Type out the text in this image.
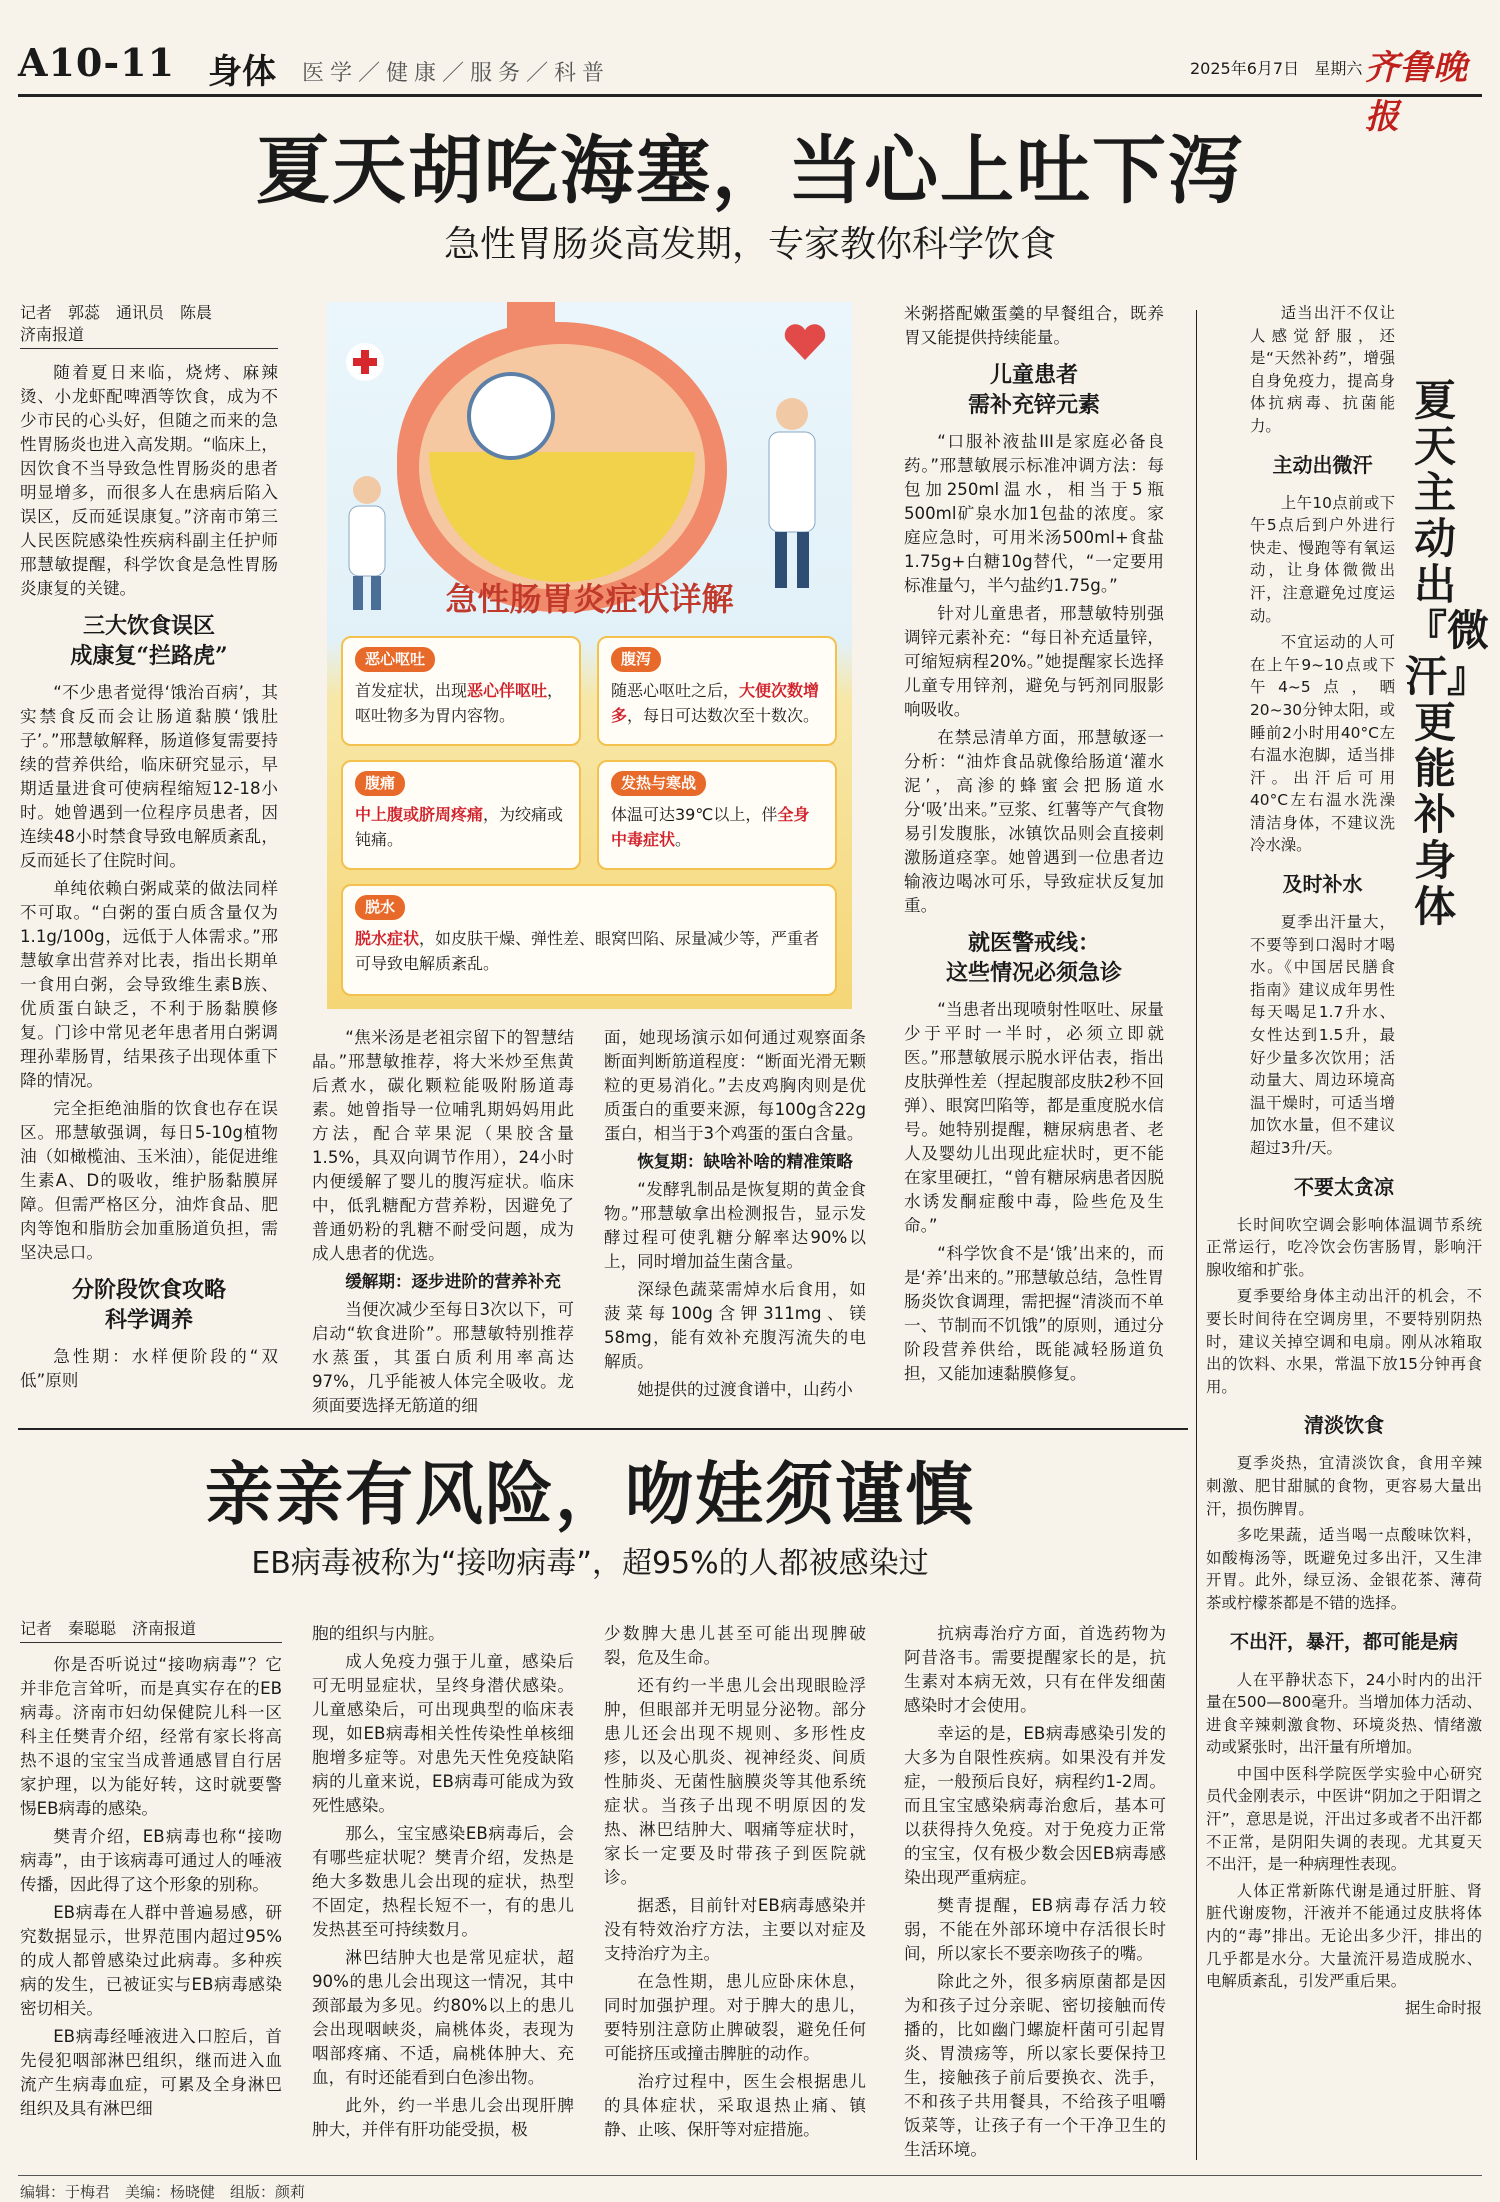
A10-11 身体 医学／健康／服务／科普	2025年6月7日 星期六 齐鲁晚报
夏天胡吃海塞，当心上吐下泻
急性胃肠炎高发期，专家教你科学饮食
记者　郭蕊　通讯员　陈晨
济南报道

随着夏日来临，烧烤、麻辣烫、小龙虾配啤酒等饮食，成为不少市民的心头好，但随之而来的急性胃肠炎也进入高发期。“临床上，因饮食不当导致急性胃肠炎的患者明显增多，而很多人在患病后陷入误区，反而延误康复。”济南市第三人民医院感染性疾病科副主任护师邢慧敏提醒，科学饮食是急性胃肠炎康复的关键。

三大饮食误区
成康复“拦路虎”

“不少患者觉得‘饿治百病’，其实禁食反而会让肠道黏膜‘饿肚子’。”邢慧敏解释，肠道修复需要持续的营养供给，临床研究显示，早期适量进食可使病程缩短12-18小时。她曾遇到一位程序员患者，因连续48小时禁食导致电解质紊乱，反而延长了住院时间。

单纯依赖白粥咸菜的做法同样不可取。“白粥的蛋白质含量仅为1.1g/100g，远低于人体需求。”邢慧敏拿出营养对比表，指出长期单一食用白粥，会导致维生素B族、优质蛋白缺乏，不利于肠黏膜修复。门诊中常见老年患者用白粥调理孙辈肠胃，结果孩子出现体重下降的情况。

完全拒绝油脂的饮食也存在误区。邢慧敏强调，每日5-10g植物油（如橄榄油、玉米油），能促进维生素A、D的吸收，维护肠黏膜屏障。但需严格区分，油炸食品、肥肉等饱和脂肪会加重肠道负担，需坚决忌口。

分阶段饮食攻略
科学调养

急性期：水样便阶段的“双低”原则

急性肠胃炎症状详解
恶心呕吐
首发症状，出现恶心伴呕吐，呕吐物多为胃内容物。
腹泻
随恶心呕吐之后，大便次数增多，每日可达数次至十数次。
腹痛
中上腹或脐周疼痛，为绞痛或钝痛。
发热与寒战
体温可达39℃以上，伴全身中毒症状。
脱水
脱水症状，如皮肤干燥、弹性差、眼窝凹陷、尿量减少等，严重者可导致电解质紊乱。

“焦米汤是老祖宗留下的智慧结晶。”邢慧敏推荐，将大米炒至焦黄后煮水，碳化颗粒能吸附肠道毒素。她曾指导一位哺乳期妈妈用此方法，配合苹果泥（果胶含量1.5%，具双向调节作用），24小时内便缓解了婴儿的腹泻症状。临床中，低乳糖配方营养粉，因避免了普通奶粉的乳糖不耐受问题，成为成人患者的优选。

缓解期：逐步进阶的营养补充

当便次减少至每日3次以下，可启动“软食进阶”。邢慧敏特别推荐水蒸蛋，其蛋白质利用率高达97%，几乎能被人体完全吸收。龙须面要选择无筋道的细

面，她现场演示如何通过观察面条断面判断筋道程度：“断面光滑无颗粒的更易消化。”去皮鸡胸肉则是优质蛋白的重要来源，每100g含22g蛋白，相当于3个鸡蛋的蛋白含量。

恢复期：缺啥补啥的精准策略

“发酵乳制品是恢复期的黄金食物。”邢慧敏拿出检测报告，显示发酵过程可使乳糖分解率达90%以上，同时增加益生菌含量。

深绿色蔬菜需焯水后食用，如菠菜每100g含钾311mg、镁58mg，能有效补充腹泻流失的电解质。

她提供的过渡食谱中，山药小

米粥搭配嫩蛋羹的早餐组合，既养胃又能提供持续能量。

儿童患者
需补充锌元素

“口服补液盐III是家庭必备良药。”邢慧敏展示标准冲调方法：每包加250ml温水，相当于5瓶500ml矿泉水加1包盐的浓度。家庭应急时，可用米汤500ml+食盐1.75g+白糖10g替代，“一定要用标准量勺，半勺盐约1.75g。”

针对儿童患者，邢慧敏特别强调锌元素补充：“每日补充适量锌，可缩短病程20%。”她提醒家长选择儿童专用锌剂，避免与钙剂同服影响吸收。

在禁忌清单方面，邢慧敏逐一分析：“油炸食品就像给肠道‘灌水泥’，高渗的蜂蜜会把肠道水分‘吸’出来。”豆浆、红薯等产气食物易引发腹胀，冰镇饮品则会直接刺激肠道痉挛。她曾遇到一位患者边输液边喝冰可乐，导致症状反复加重。

就医警戒线：
这些情况必须急诊

“当患者出现喷射性呕吐、尿量少于平时一半时，必须立即就医。”邢慧敏展示脱水评估表，指出皮肤弹性差（捏起腹部皮肤2秒不回弹）、眼窝凹陷等，都是重度脱水信号。她特别提醒，糖尿病患者、老人及婴幼儿出现此症状时，更不能在家里硬扛，“曾有糖尿病患者因脱水诱发酮症酸中毒，险些危及生命。”

“科学饮食不是‘饿’出来的，而是‘养’出来的。”邢慧敏总结，急性胃肠炎饮食调理，需把握“清淡而不单一、节制而不饥饿”的原则，通过分阶段营养供给，既能减轻肠道负担，又能加速黏膜修复。

亲亲有风险，吻娃须谨慎
EB病毒被称为“接吻病毒”，超95%的人都被感染过
记者　秦聪聪　济南报道

你是否听说过“接吻病毒”？它并非危言耸听，而是真实存在的EB病毒。济南市妇幼保健院儿科一区科主任樊青介绍，经常有家长将高热不退的宝宝当成普通感冒自行居家护理，以为能好转，这时就要警惕EB病毒的感染。

樊青介绍，EB病毒也称“接吻病毒”，由于该病毒可通过人的唾液传播，因此得了这个形象的别称。

EB病毒在人群中普遍易感，研究数据显示，世界范围内超过95%的成人都曾感染过此病毒。多种疾病的发生，已被证实与EB病毒感染密切相关。

EB病毒经唾液进入口腔后，首先侵犯咽部淋巴组织，继而进入血流产生病毒血症，可累及全身淋巴组织及具有淋巴细

胞的组织与内脏。

成人免疫力强于儿童，感染后可无明显症状，呈终身潜伏感染。儿童感染后，可出现典型的临床表现，如EB病毒相关性传染性单核细胞增多症等。对患先天性免疫缺陷病的儿童来说，EB病毒可能成为致死性感染。

那么，宝宝感染EB病毒后，会有哪些症状呢？樊青介绍，发热是绝大多数患儿会出现的症状，热型不固定，热程长短不一，有的患儿发热甚至可持续数月。

淋巴结肿大也是常见症状，超90%的患儿会出现这一情况，其中颈部最为多见。约80%以上的患儿会出现咽峡炎，扁桃体炎，表现为咽部疼痛、不适，扁桃体肿大、充血，有时还能看到白色渗出物。

此外，约一半患儿会出现肝脾肿大，并伴有肝功能受损，极

少数脾大患儿甚至可能出现脾破裂，危及生命。

还有约一半患儿会出现眼睑浮肿，但眼部并无明显分泌物。部分患儿还会出现不规则、多形性皮疹，以及心肌炎、视神经炎、间质性肺炎、无菌性脑膜炎等其他系统症状。当孩子出现不明原因的发热、淋巴结肿大、咽痛等症状时，家长一定要及时带孩子到医院就诊。

据悉，目前针对EB病毒感染并没有特效治疗方法，主要以对症及支持治疗为主。

在急性期，患儿应卧床休息，同时加强护理。对于脾大的患儿，要特别注意防止脾破裂，避免任何可能挤压或撞击脾脏的动作。

治疗过程中，医生会根据患儿的具体症状，采取退热止痛、镇静、止咳、保肝等对症措施。

抗病毒治疗方面，首选药物为阿昔洛韦。需要提醒家长的是，抗生素对本病无效，只有在伴发细菌感染时才会使用。

幸运的是，EB病毒感染引发的大多为自限性疾病。如果没有并发症，一般预后良好，病程约1-2周。而且宝宝感染病毒治愈后，基本可以获得持久免疫。对于免疫力正常的宝宝，仅有极少数会因EB病毒感染出现严重病症。

樊青提醒，EB病毒存活力较弱，不能在外部环境中存活很长时间，所以家长不要亲吻孩子的嘴。

除此之外，很多病原菌都是因为和孩子过分亲昵、密切接触而传播的，比如幽门螺旋杆菌可引起胃炎、胃溃疡等，所以家长要保持卫生，接触孩子前后要换衣、洗手，不和孩子共用餐具，不给孩子咀嚼饭菜等，让孩子有一个干净卫生的生活环境。

夏天主动出『微汗』更能补身体

适当出汗不仅让人感觉舒服，还是“天然补药”，增强自身免疫力，提高身体抗病毒、抗菌能力。

主动出微汗

上午10点前或下午5点后到户外进行快走、慢跑等有氧运动，让身体微微出汗，注意避免过度运动。

不宜运动的人可在上午9~10点或下午4~5点，晒20~30分钟太阳，或睡前2小时用40°C左右温水泡脚，适当排汗。出汗后可用40°C左右温水洗澡清洁身体，不建议洗冷水澡。

及时补水

夏季出汗量大，不要等到口渴时才喝水。《中国居民膳食指南》建议成年男性每天喝足1.7升水、女性达到1.5升，最好少量多次饮用；活动量大、周边环境高温干燥时，可适当增加饮水量，但不建议超过3升/天。

不要太贪凉

长时间吹空调会影响体温调节系统正常运行，吃冷饮会伤害肠胃，影响汗腺收缩和扩张。

夏季要给身体主动出汗的机会，不要长时间待在空调房里，不要特别阴热时，建议关掉空调和电扇。刚从冰箱取出的饮料、水果，常温下放15分钟再食用。

清淡饮食

夏季炎热，宜清淡饮食，食用辛辣刺激、肥甘甜腻的食物，更容易大量出汗，损伤脾胃。

多吃果蔬，适当喝一点酸味饮料，如酸梅汤等，既避免过多出汗，又生津开胃。此外，绿豆汤、金银花茶、薄荷茶或柠檬茶都是不错的选择。

不出汗，暴汗，都可能是病

人在平静状态下，24小时内的出汗量在500—800毫升。当增加体力活动、进食辛辣刺激食物、环境炎热、情绪激动或紧张时，出汗量有所增加。

中国中医科学院医学实验中心研究员代金刚表示，中医讲“阴加之于阳谓之汗”，意思是说，汗出过多或者不出汗都不正常，是阴阳失调的表现。尤其夏天不出汗，是一种病理性表现。

人体正常新陈代谢是通过肝脏、肾脏代谢废物，汗液并不能通过皮肤将体内的“毒”排出。无论出多少汗，排出的几乎都是水分。大量流汗易造成脱水、电解质紊乱，引发严重后果。

据生命时报
编辑：于梅君　美编：杨晓健　组版：颜莉
